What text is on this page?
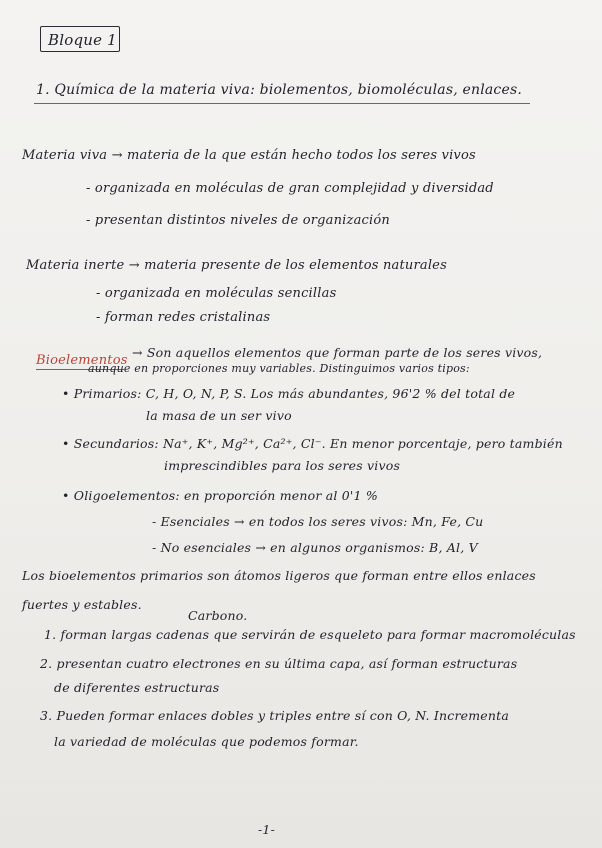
Bloque 1
1. Química de la materia viva: biolementos, biomoléculas, enlaces.
Materia viva → materia de la que están hecho todos los seres vivos
- organizada en moléculas de gran complejidad y diversidad
- presentan distintos niveles de organización
Materia inerte → materia presente de los elementos naturales
- organizada en moléculas sencillas
- forman redes cristalinas
Bioelementos
→ Son aquellos elementos que forman parte de los seres vivos,
aunque en proporciones muy variables. Distinguimos varios tipos:
• Primarios: C, H, O, N, P, S. Los más abundantes, 96'2 % del total de
la masa de un ser vivo
• Secundarios: Na⁺, K⁺, Mg²⁺, Ca²⁺, Cl⁻. En menor porcentaje, pero también
imprescindibles para los seres vivos
• Oligoelementos: en proporción menor al 0'1 %
- Esenciales → en todos los seres vivos: Mn, Fe, Cu
- No esenciales → en algunos organismos: B, Al, V
Los bioelementos primarios son átomos ligeros que forman entre ellos enlaces
fuertes y estables.
Carbono.
1. forman largas cadenas que servirán de esqueleto para formar macromoléculas
2. presentan cuatro electrones en su última capa, así forman estructuras
de diferentes estructuras
3. Pueden formar enlaces dobles y triples entre sí con O, N. Incrementa
la variedad de moléculas que podemos formar.
-1-
